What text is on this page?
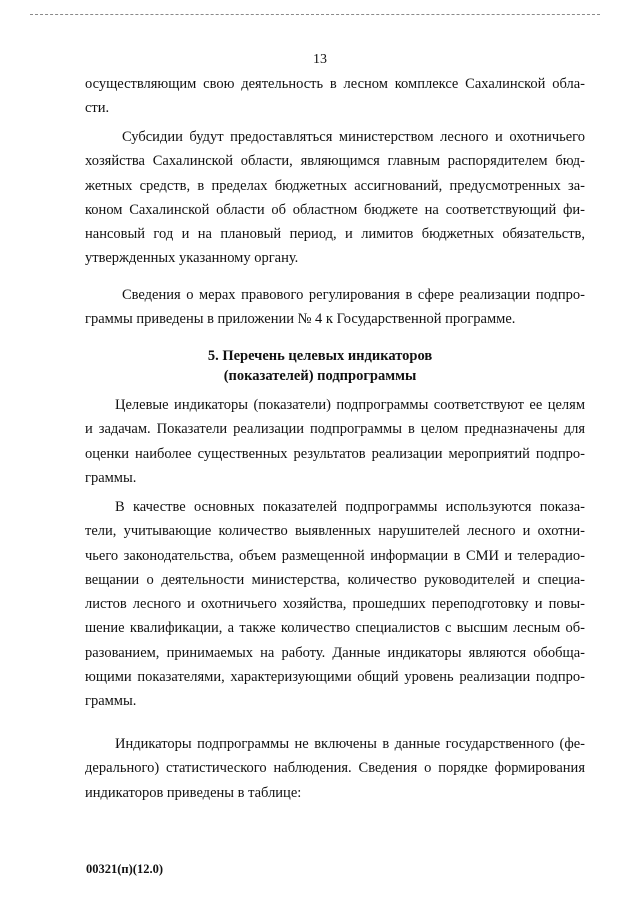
13
осуществляющим свою деятельность в лесном комплексе Сахалинской обла-
сти.
Субсидии будут предоставляться министерством лесного и охотничьего
хозяйства Сахалинской области, являющимся главным распорядителем бюд-
жетных средств, в пределах бюджетных ассигнований, предусмотренных за-
коном Сахалинской области об областном бюджете на соответствующий фи-
нансовый год и на плановый период, и лимитов бюджетных обязательств,
утвержденных указанному органу.
Сведения о мерах правового регулирования в сфере реализации подпро-
граммы приведены в приложении № 4 к Государственной программе.
5. Перечень целевых индикаторов
(показателей) подпрограммы
Целевые индикаторы (показатели) подпрограммы соответствуют ее целям
и задачам. Показатели реализации подпрограммы в целом предназначены для
оценки наиболее существенных результатов реализации мероприятий подпро-
граммы.
В качестве основных показателей подпрограммы используются показа-
тели, учитывающие количество выявленных нарушителей лесного и охотни-
чьего законодательства, объем размещенной информации в СМИ и телерадио-
вещании о деятельности министерства, количество руководителей и специа-
листов лесного и охотничьего хозяйства, прошедших переподготовку и повы-
шение квалификации, а также количество специалистов с высшим лесным об-
разованием, принимаемых на работу. Данные индикаторы являются обобща-
ющими показателями, характеризующими общий уровень реализации подпро-
граммы.
Индикаторы подпрограммы не включены в данные государственного (фе-
дерального) статистического наблюдения. Сведения о порядке формирования
индикаторов приведены в таблице:
00321(п)(12.0)
